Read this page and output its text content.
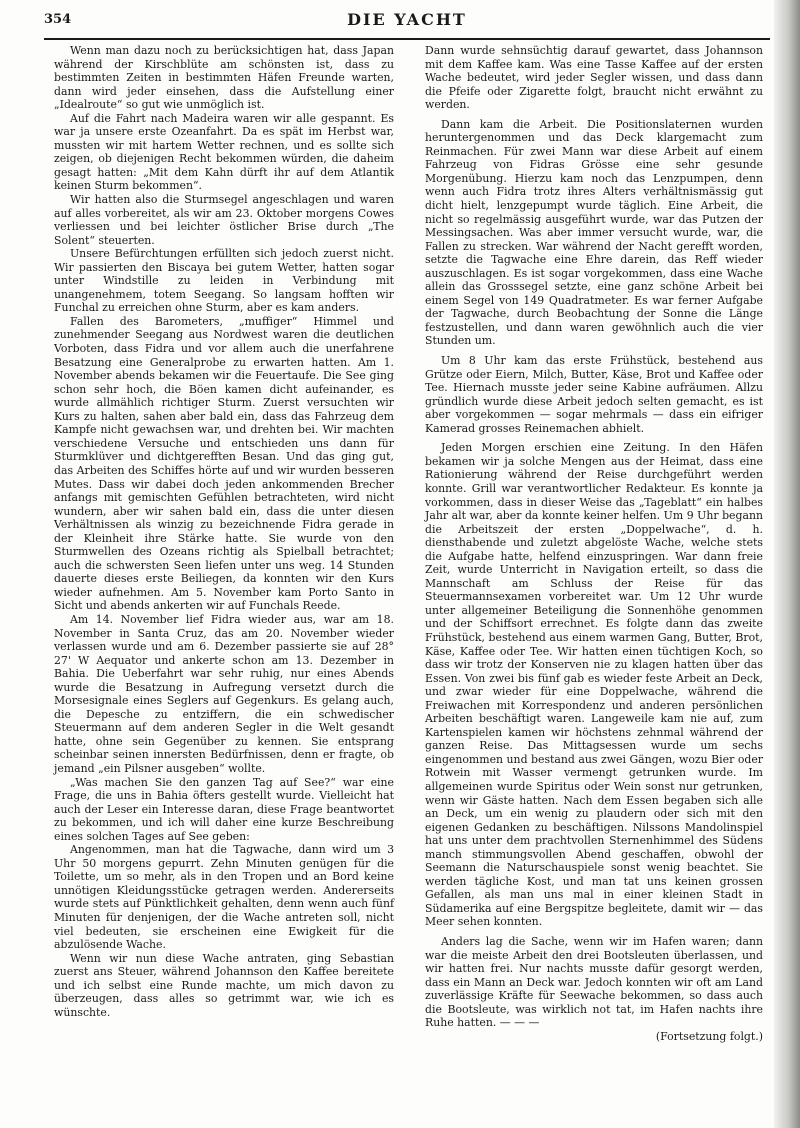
354	DIE YACHT

Wenn man dazu noch zu berücksichtigen hat, dass Japan während der Kirschblüte am schönsten ist, dass zu bestimmten Zeiten in bestimmten Häfen Freunde warten, dann wird jeder einsehen, dass die Aufstellung einer „Idealroute“ so gut wie unmöglich ist.

Auf die Fahrt nach Madeira waren wir alle gespannt. Es war ja unsere erste Ozeanfahrt. Da es spät im Herbst war, mussten wir mit hartem Wetter rechnen, und es sollte sich zeigen, ob diejenigen Recht bekommen würden, die daheim gesagt hatten: „Mit dem Kahn dürft ihr auf dem Atlantik keinen Sturm bekommen“.

Wir hatten also die Sturmsegel angeschlagen und waren auf alles vorbereitet, als wir am 23. Oktober morgens Cowes verliessen und bei leichter östlicher Brise durch „The Solent“ steuerten.

Unsere Befürchtungen erfüllten sich jedoch zuerst nicht. Wir passierten den Biscaya bei gutem Wetter, hatten sogar unter Windstille zu leiden in Verbindung mit unangenehmem, totem Seegang. So langsam hofften wir Funchal zu erreichen ohne Sturm, aber es kam anders.

Fallen des Barometers, „muffiger“ Himmel und zunehmender Seegang aus Nordwest waren die deutlichen Vorboten, dass Fidra und vor allem auch die unerfahrene Besatzung eine Generalprobe zu erwarten hatten. Am 1. November abends bekamen wir die Feuertaufe. Die See ging schon sehr hoch, die Böen kamen dicht aufeinander, es wurde allmählich richtiger Sturm. Zuerst versuchten wir Kurs zu halten, sahen aber bald ein, dass das Fahrzeug dem Kampfe nicht gewachsen war, und drehten bei. Wir machten verschiedene Versuche und entschieden uns dann für Sturmklüver und dichtgerefften Besan. Und das ging gut, das Arbeiten des Schiffes hörte auf und wir wurden besseren Mutes. Dass wir dabei doch jeden ankommenden Brecher anfangs mit gemischten Gefühlen betrachteten, wird nicht wundern, aber wir sahen bald ein, dass die unter diesen Verhältnissen als winzig zu bezeichnende Fidra gerade in der Kleinheit ihre Stärke hatte. Sie wurde von den Sturmwellen des Ozeans richtig als Spielball betrachtet; auch die schwersten Seen liefen unter uns weg. 14 Stunden dauerte dieses erste Beiliegen, da konnten wir den Kurs wieder aufnehmen. Am 5. November kam Porto Santo in Sicht und abends ankerten wir auf Funchals Reede.

Am 14. November lief Fidra wieder aus, war am 18. November in Santa Cruz, das am 20. November wieder verlassen wurde und am 6. Dezember passierte sie auf 28° 27' W Aequator und ankerte schon am 13. Dezember in Bahia. Die Ueberfahrt war sehr ruhig, nur eines Abends wurde die Besatzung in Aufregung versetzt durch die Morsesignale eines Seglers auf Gegenkurs. Es gelang auch, die Depesche zu entziffern, die ein schwedischer Steuermann auf dem anderen Segler in die Welt gesandt hatte, ohne sein Gegenüber zu kennen. Sie entsprang scheinbar seinen innersten Bedürfnissen, denn er fragte, ob jemand „ein Pilsner ausgeben“ wollte.

„Was machen Sie den ganzen Tag auf See?“ war eine Frage, die uns in Bahia öfters gestellt wurde. Vielleicht hat auch der Leser ein Interesse daran, diese Frage beantwortet zu bekommen, und ich will daher eine kurze Beschreibung eines solchen Tages auf See geben:

Angenommen, man hat die Tagwache, dann wird um 3 Uhr 50 morgens gepurrt. Zehn Minuten genügen für die Toilette, um so mehr, als in den Tropen und an Bord keine unnötigen Kleidungsstücke getragen werden. Andererseits wurde stets auf Pünktlichkeit gehalten, denn wenn auch fünf Minuten für denjenigen, der die Wache antreten soll, nicht viel bedeuten, sie erscheinen eine Ewigkeit für die abzulösende Wache.

Wenn wir nun diese Wache antraten, ging Sebastian zuerst ans Steuer, während Johannson den Kaffee bereitete und ich selbst eine Runde machte, um mich davon zu überzeugen, dass alles so getrimmt war, wie ich es wünschte.

Dann wurde sehnsüchtig darauf gewartet, dass Johannson mit dem Kaffee kam. Was eine Tasse Kaffee auf der ersten Wache bedeutet, wird jeder Segler wissen, und dass dann die Pfeife oder Zigarette folgt, braucht nicht erwähnt zu werden.

Dann kam die Arbeit. Die Positionslaternen wurden heruntergenommen und das Deck klargemacht zum Reinmachen. Für zwei Mann war diese Arbeit auf einem Fahrzeug von Fidras Grösse eine sehr gesunde Morgenübung. Hierzu kam noch das Lenzpumpen, denn wenn auch Fidra trotz ihres Alters verhältnismässig gut dicht hielt, lenzgepumpt wurde täglich. Eine Arbeit, die nicht so regelmässig ausgeführt wurde, war das Putzen der Messingsachen. Was aber immer versucht wurde, war, die Fallen zu strecken. War während der Nacht gerefft worden, setzte die Tagwache eine Ehre darein, das Reff wieder auszuschlagen. Es ist sogar vorgekommen, dass eine Wache allein das Grosssegel setzte, eine ganz schöne Arbeit bei einem Segel von 149 Quadratmeter. Es war ferner Aufgabe der Tagwache, durch Beobachtung der Sonne die Länge festzustellen, und dann waren gewöhnlich auch die vier Stunden um.

Um 8 Uhr kam das erste Frühstück, bestehend aus Grütze oder Eiern, Milch, Butter, Käse, Brot und Kaffee oder Tee. Hiernach musste jeder seine Kabine aufräumen. Allzu gründlich wurde diese Arbeit jedoch selten gemacht, es ist aber vorgekommen — sogar mehrmals — dass ein eifriger Kamerad grosses Reinemachen abhielt.

Jeden Morgen erschien eine Zeitung. In den Häfen bekamen wir ja solche Mengen aus der Heimat, dass eine Rationierung während der Reise durchgeführt werden konnte. Grill war verantwortlicher Redakteur. Es konnte ja vorkommen, dass in dieser Weise das „Tageblatt“ ein halbes Jahr alt war, aber da konnte keiner helfen. Um 9 Uhr begann die Arbeitszeit der ersten „Doppelwache“, d. h. diensthabende und zuletzt abgelöste Wache, welche stets die Aufgabe hatte, helfend einzuspringen. War dann freie Zeit, wurde Unterricht in Navigation erteilt, so dass die Mannschaft am Schluss der Reise für das Steuermannsexamen vorbereitet war. Um 12 Uhr wurde unter allgemeiner Beteiligung die Sonnenhöhe genommen und der Schiffsort errechnet. Es folgte dann das zweite Frühstück, bestehend aus einem warmen Gang, Butter, Brot, Käse, Kaffee oder Tee. Wir hatten einen tüchtigen Koch, so dass wir trotz der Konserven nie zu klagen hatten über das Essen. Von zwei bis fünf gab es wieder feste Arbeit an Deck, und zwar wieder für eine Doppelwache, während die Freiwachen mit Korrespondenz und anderen persönlichen Arbeiten beschäftigt waren. Langeweile kam nie auf, zum Kartenspielen kamen wir höchstens zehnmal während der ganzen Reise. Das Mittagsessen wurde um sechs eingenommen und bestand aus zwei Gängen, wozu Bier oder Rotwein mit Wasser vermengt getrunken wurde. Im allgemeinen wurde Spiritus oder Wein sonst nur getrunken, wenn wir Gäste hatten. Nach dem Essen begaben sich alle an Deck, um ein wenig zu plaudern oder sich mit den eigenen Gedanken zu beschäftigen. Nilssons Mandolinspiel hat uns unter dem prachtvollen Sternenhimmel des Südens manch stimmungsvollen Abend geschaffen, obwohl der Seemann die Naturschauspiele sonst wenig beachtet. Sie werden tägliche Kost, und man tat uns keinen grossen Gefallen, als man uns mal in einer kleinen Stadt in Südamerika auf eine Bergspitze begleitete, damit wir — das Meer sehen konnten.

Anders lag die Sache, wenn wir im Hafen waren; dann war die meiste Arbeit den drei Bootsleuten überlassen, und wir hatten frei. Nur nachts musste dafür gesorgt werden, dass ein Mann an Deck war. Jedoch konnten wir oft am Land zuverlässige Kräfte für Seewache bekommen, so dass auch die Bootsleute, was wirklich not tat, im Hafen nachts ihre Ruhe hatten. — — —

(Fortsetzung folgt.)
